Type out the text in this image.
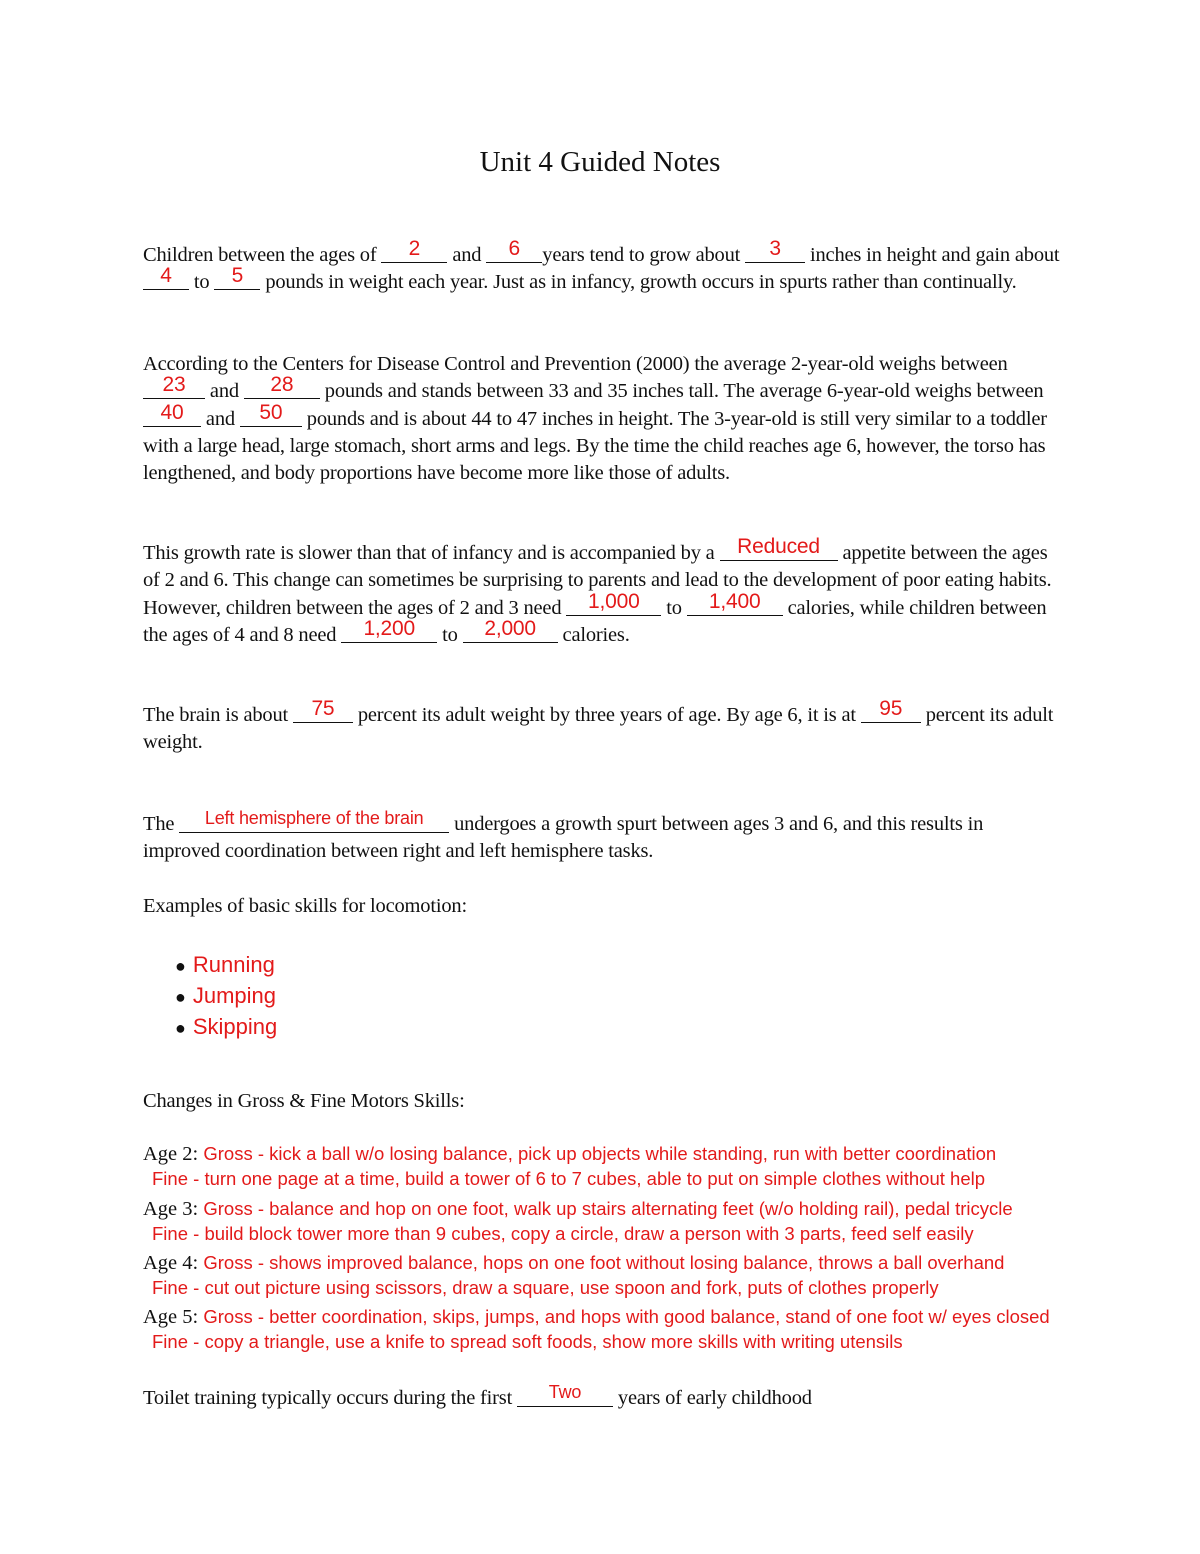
Unit 4 Guided Notes
Children between the ages of 2 and 6 years tend to grow about 3 inches in height and gain about 4 to 5 pounds in weight each year. Just as in infancy, growth occurs in spurts rather than continually.
According to the Centers for Disease Control and Prevention (2000) the average 2-year-old weighs between 23 and 28 pounds and stands between 33 and 35 inches tall. The average 6-year-old weighs between 40 and 50 pounds and is about 44 to 47 inches in height. The 3-year-old is still very similar to a toddler with a large head, large stomach, short arms and legs. By the time the child reaches age 6, however, the torso has lengthened, and body proportions have become more like those of adults.
This growth rate is slower than that of infancy and is accompanied by a Reduced appetite between the ages of 2 and 6. This change can sometimes be surprising to parents and lead to the development of poor eating habits. However, children between the ages of 2 and 3 need 1,000 to 1,400 calories, while children between the ages of 4 and 8 need 1,200 to 2,000 calories.
The brain is about 75 percent its adult weight by three years of age. By age 6, it is at 95 percent its adult weight.
The Left hemisphere of the brain undergoes a growth spurt between ages 3 and 6, and this results in improved coordination between right and left hemisphere tasks.
Examples of basic skills for locomotion:
● Running
● Jumping
● Skipping
Changes in Gross & Fine Motors Skills:
Age 2: Gross - kick a ball w/o losing balance, pick up objects while standing, run with better coordination
Fine - turn one page at a time, build a tower of 6 to 7 cubes, able to put on simple clothes without help
Age 3: Gross - balance and hop on one foot, walk up stairs alternating feet (w/o holding rail), pedal tricycle
Fine - build block tower more than 9 cubes, copy a circle, draw a person with 3 parts, feed self easily
Age 4: Gross - shows improved balance, hops on one foot without losing balance, throws a ball overhand
Fine - cut out picture using scissors, draw a square, use spoon and fork, puts of clothes properly
Age 5: Gross - better coordination, skips, jumps, and hops with good balance, stand of one foot w/ eyes closed
Fine - copy a triangle, use a knife to spread soft foods, show more skills with writing utensils
Toilet training typically occurs during the first Two years of early childhood
